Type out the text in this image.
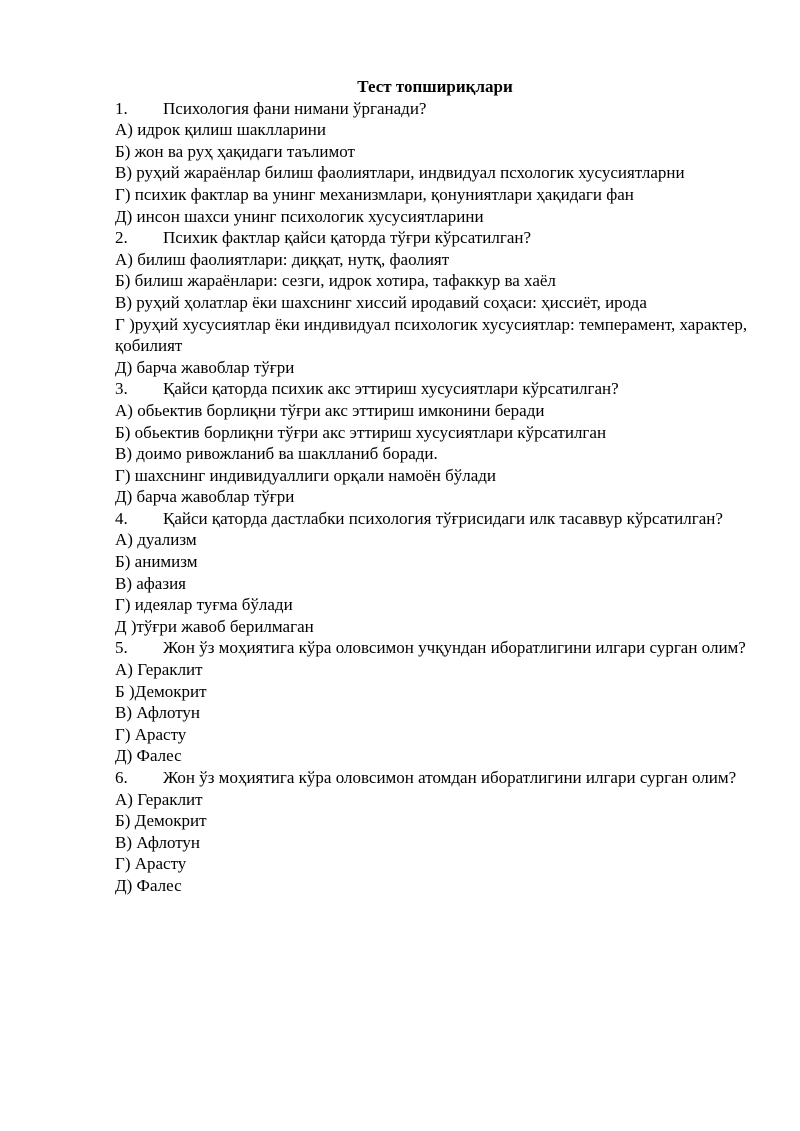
Тест топшириқлари

1. Психология фани нимани ўрганади?

А) идрок қилиш шаклларини

Б) жон ва руҳ ҳақидаги таълимот

В) руҳий жараёнлар билиш фаолиятлари, индвидуал псхологик хусусиятларни

Г) психик фактлар ва унинг механизмлари, қонуниятлари ҳақидаги фан

Д) инсон шахси унинг психологик хусусиятларини

2. Психик фактлар қайси қаторда тўғри кўрсатилган?

А) билиш фаолиятлари: диққат, нутқ, фаолият

Б) билиш жараёнлари: сезги, идрок хотира, тафаккур ва хаёл

В) руҳий ҳолатлар ёки шахснинг хиссий иродавий соҳаси: ҳиссиёт, ирода

Г )руҳий хусусиятлар ёки индивидуал психологик хусусиятлар: темперамент, характер, қобилият

Д) барча жавоблар тўғри

3. Қайси қаторда психик акс эттириш хусусиятлари кўрсатилган?

А) обьектив борлиқни тўғри акс эттириш имконини беради

Б) обьектив борлиқни тўғри акс эттириш хусусиятлари кўрсатилган

В) доимо ривожланиб ва шаклланиб боради.

Г) шахснинг индивидуаллиги орқали намоён бўлади

Д) барча жавоблар тўғри

4. Қайси қаторда дастлабки психология тўғрисидаги илк тасаввур кўрсатилган?

А) дуализм

Б) анимизм

В) афазия

Г) идеялар туғма бўлади

Д )тўғри жавоб берилмаган

5. Жон ўз моҳиятига кўра оловсимон учқундан иборатлигини илгари сурган олим?

А) Гераклит

Б )Демокрит

В) Афлотун

Г) Арасту

Д) Фалес

6. Жон ўз моҳиятига кўра оловсимон атомдан иборатлигини илгари сурган олим?

А) Гераклит

Б) Демокрит

В) Афлотун

Г) Арасту

Д) Фалес
